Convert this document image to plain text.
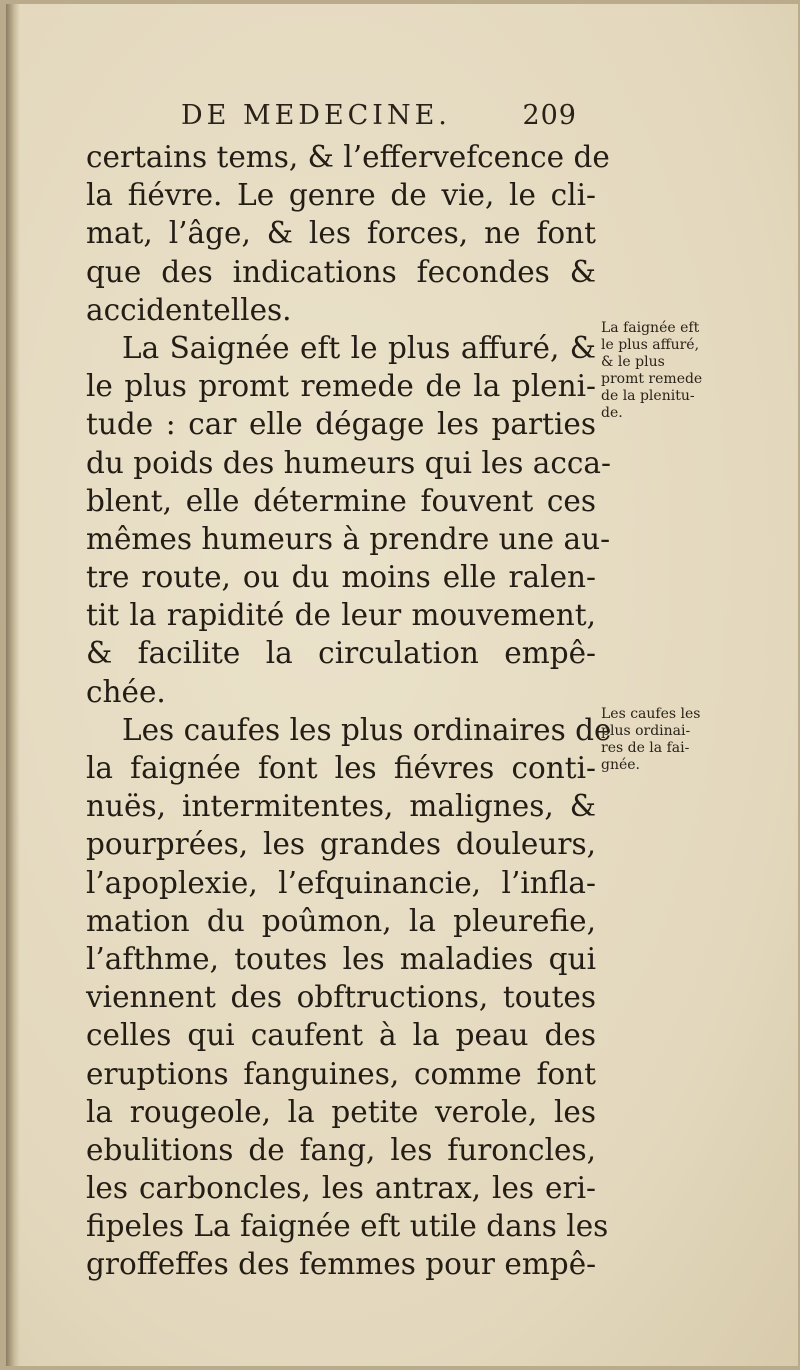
DE MEDECINE.	209
certains tems, & l’effervefcence de
la fiévre. Le genre de vie, le cli-
mat, l’âge, & les forces, ne font
que des indications fecondes &
accidentelles.
La Saignée eft le plus affuré, &
le plus promt remede de la pleni-
tude : car elle dégage les parties
du poids des humeurs qui les acca-
blent, elle détermine fouvent ces
mêmes humeurs à prendre une au-
tre route, ou du moins elle ralen-
tit la rapidité de leur mouvement,
& facilite la circulation empê-
chée.
Les caufes les plus ordinaires de
la faignée font les fiévres conti-
nuës, intermitentes, malignes, &
pourprées, les grandes douleurs,
l’apoplexie, l’efquinancie, l’infla-
mation du poûmon, la pleurefie,
l’afthme, toutes les maladies qui
viennent des obftructions, toutes
celles qui caufent à la peau des
eruptions fanguines, comme font
la rougeole, la petite verole, les
ebulitions de fang, les furoncles,
les carboncles, les antrax, les eri-
fipeles La faignée eft utile dans les
groffeffes des femmes pour empê-
La faignée eft
le plus affuré,
& le plus
promt remede
de la plenitu-
de.
Les caufes les
plus ordinai-
res de la fai-
gnée.
